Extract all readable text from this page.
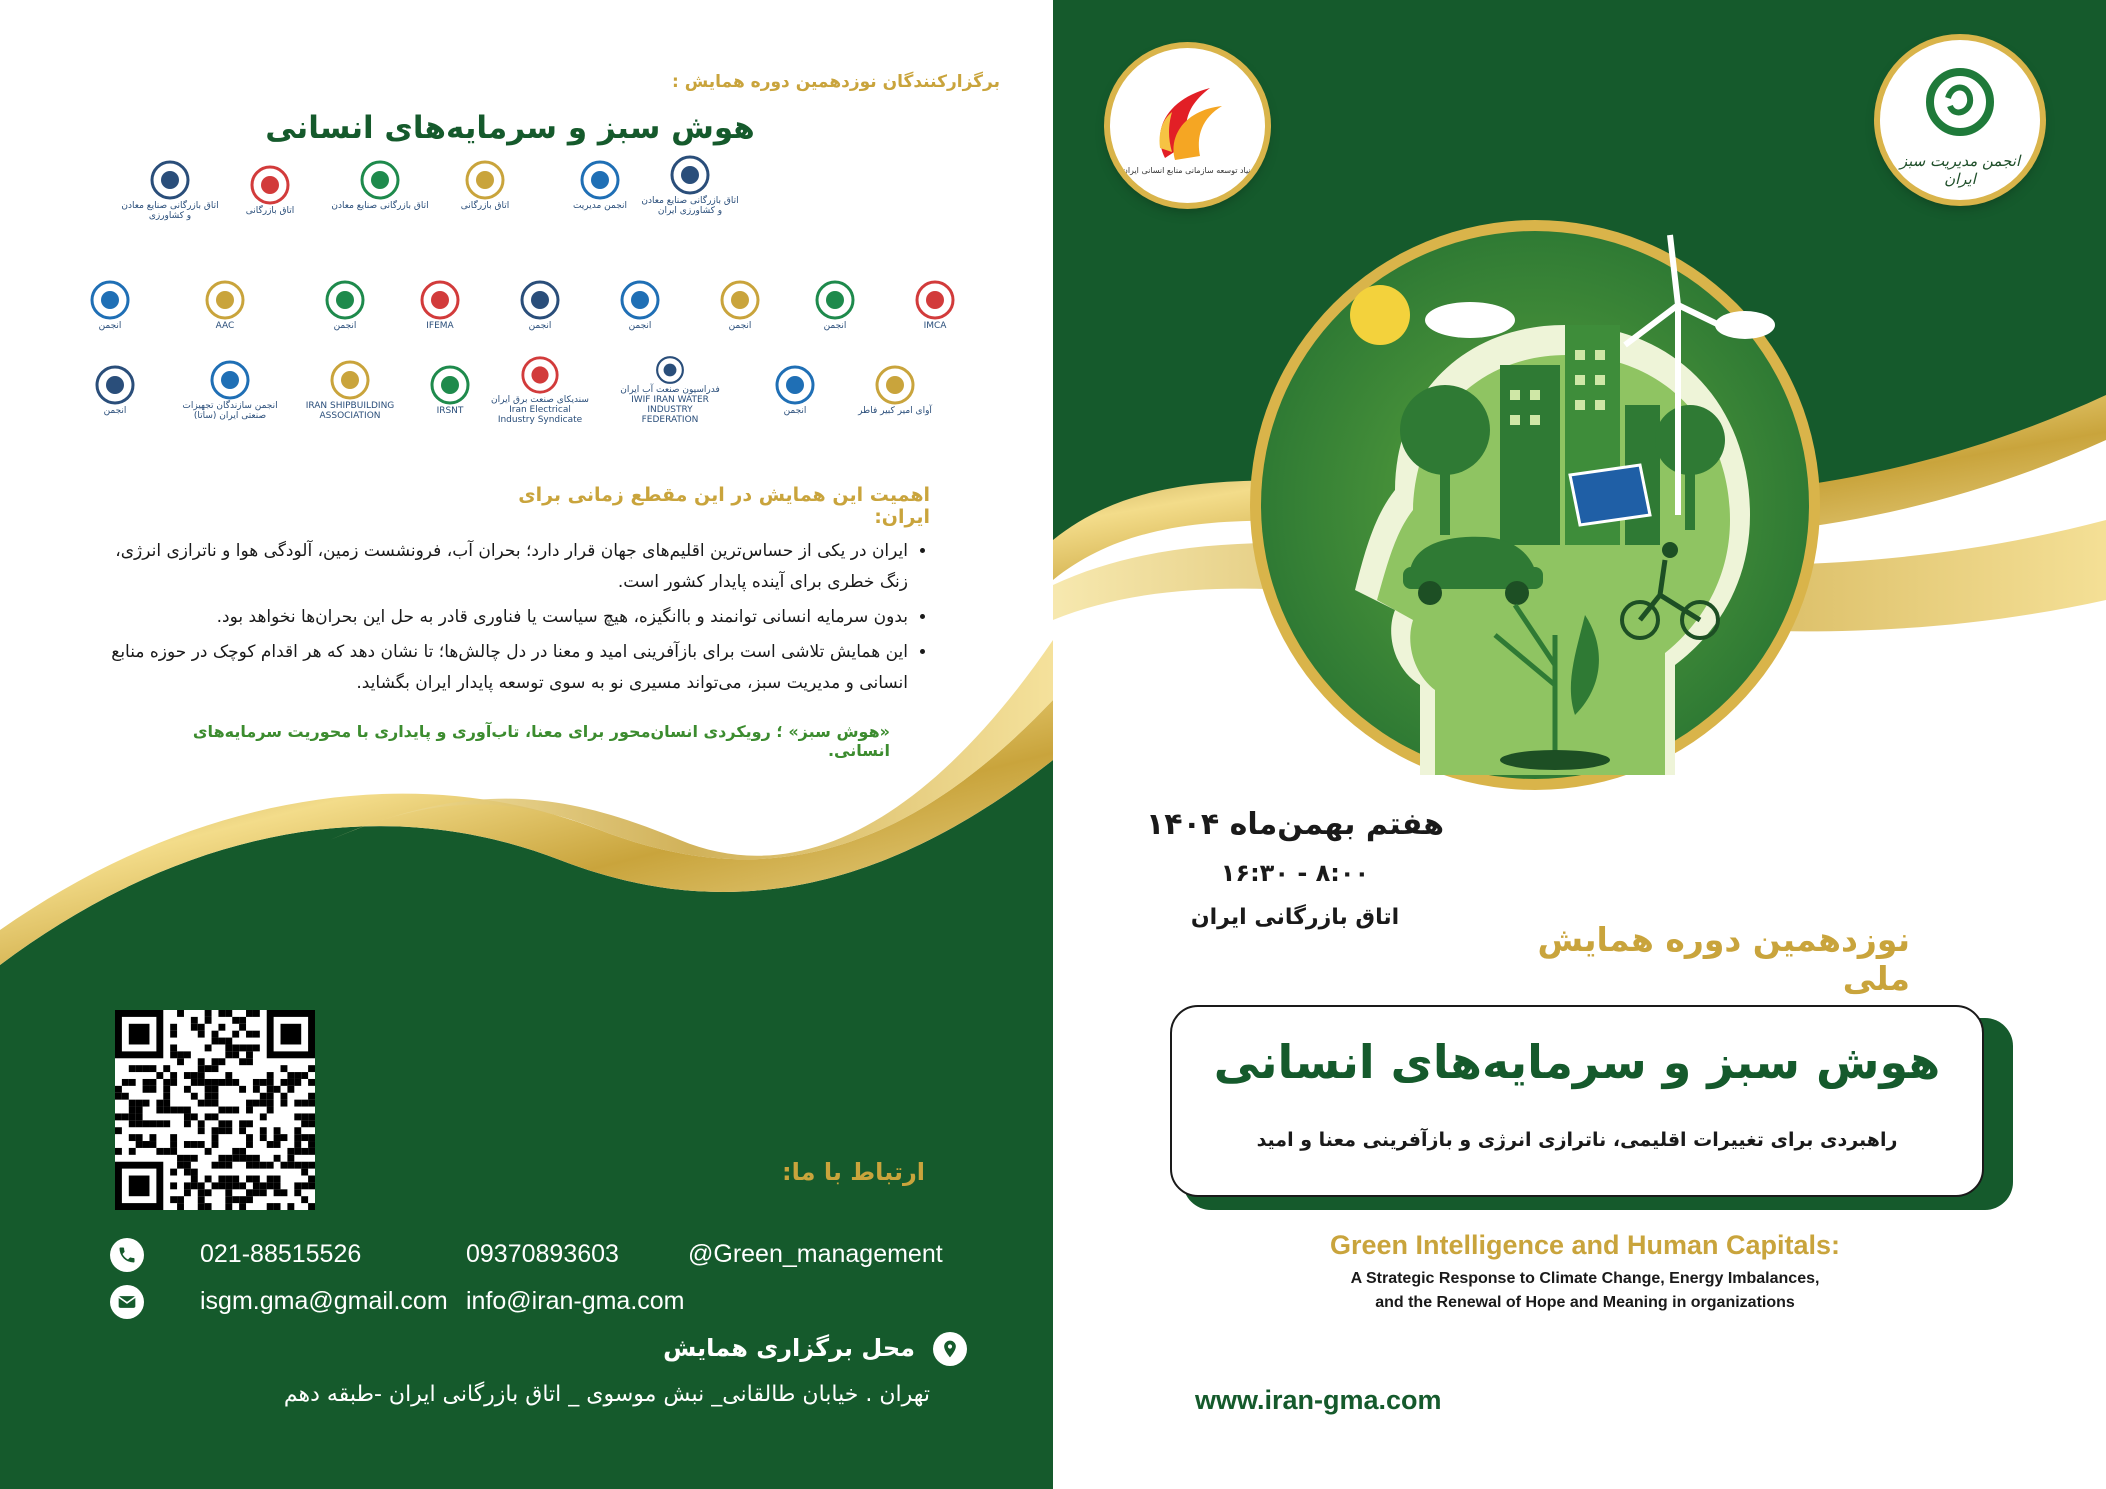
برگزارکنندگان نوزدهمین دوره همایش :
هوش سبز و سرمایه‌های انسانی
اتاق بازرگانی صنایع معادن و کشاورزی ایران
انجمن مدیریت
اتاق بازرگانی
اتاق بازرگانی صنایع معادن
اتاق بازرگانی
اتاق بازرگانی صنایع معادن و کشاورزی
انجمن	AAC	انجمن	IFEMA	انجمن	انجمن	انجمن	انجمن	IMCA
انجمن	انجمن سازندگان تجهیزات صنعتی ایران (ساتا)
IRAN SHIPBUILDING ASSOCIATION	IRSNT
سندیکای صنعت برق ایران Iran Electrical Industry Syndicate
فدراسیون صنعت آب ایران IWIF IRAN WATER INDUSTRY FEDERATION
انجمن	آوای امیر کبیر فاطر
اهمیت این همایش در این مقطع زمانی برای ایران:
• ایران در یکی از حساس‌ترین اقلیم‌های جهان قرار دارد؛ بحران آب، فرونشست زمین، آلودگی هوا و ناترازی انرژی، زنگ خطری برای آینده پایدار کشور است.
• بدون سرمایه انسانی توانمند و باانگیزه، هیچ سیاست یا فناوری قادر به حل این بحران‌ها نخواهد بود.
• این همایش تلاشی است برای بازآفرینی امید و معنا در دل چالش‌ها؛ تا نشان دهد که هر اقدام کوچک در حوزه منابع انسانی و مدیریت سبز، می‌تواند مسیری نو به سوی توسعه پایدار ایران بگشاید.
«هوش سبز» ؛ رویکردی انسان‌محور برای معنا، تاب‌آوری و پایداری با محوریت سرمایه‌های انسانی.
ارتباط با ما:
021-88515526	09370893603	@Green_management
isgm.gma@gmail.com info@iran-gma.com
محل برگزاری همایش
تهران . خیابان طالقانی_ نبش موسوی _ اتاق بازرگانی ایران -طبقه دهم
بنیاد توسعه سازمانی منابع انسانی ایران
انجمن مدیریت سبز ایران
هفتم بهمن‌ماه ۱۴۰۴
۸:۰۰ - ۱۶:۳۰
اتاق بازرگانی ایران
نوزدهمین دوره همایش ملی
هوش سبز و سرمایه‌های انسانی
راهبردی برای تغییرات اقلیمی، ناترازی انرژی و بازآفرینی معنا و امید
Green Intelligence and Human Capitals:
A Strategic Response to Climate Change, Energy Imbalances,
and the Renewal of Hope and Meaning in organizations
www.iran-gma.com
